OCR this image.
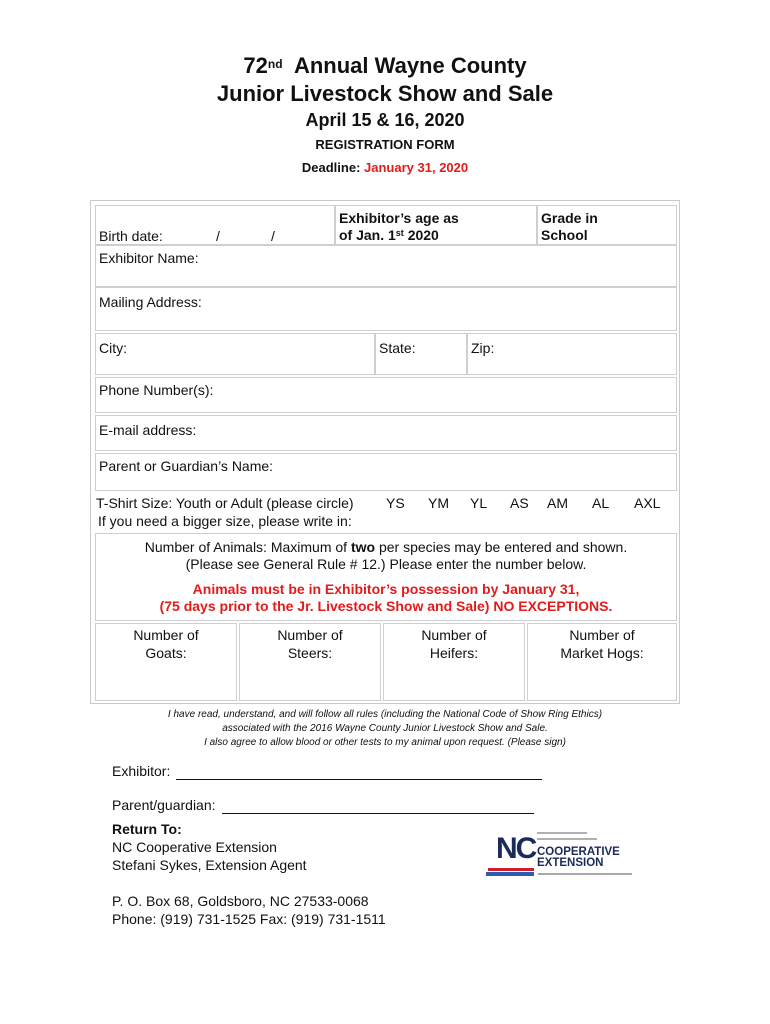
72nd Annual Wayne County
Junior Livestock Show and Sale
April 15 & 16, 2020
REGISTRATION FORM
Deadline: January 31, 2020
Birth date:	/	/
Exhibitor’s age as
of Jan. 1st 2020
Grade in
School
Exhibitor Name:
Mailing Address:
City:	State:	Zip:
Phone Number(s):
E-mail address:
Parent or Guardian’s Name:
T-Shirt Size: Youth or Adult (please circle) YS YM YL AS AM AL AXL
If you need a bigger size, please write in:
Number of Animals: Maximum of two per species may be entered and shown.
(Please see General Rule # 12.) Please enter the number below.
Animals must be in Exhibitor’s possession by January 31,
(75 days prior to the Jr. Livestock Show and Sale) NO EXCEPTIONS.
Number of
Goats:
Number of
Steers:
Number of
Heifers:
Number of
Market Hogs:
I have read, understand, and will follow all rules (including the National Code of Show Ring Ethics)
associated with the 2016 Wayne County Junior Livestock Show and Sale.
I also agree to allow blood or other tests to my animal upon request. (Please sign)
Exhibitor:
Parent/guardian:
Return To:
NC Cooperative Extension
Stefani Sykes, Extension Agent
P. O. Box 68, Goldsboro, NC 27533-0068
Phone: (919) 731-1525 Fax: (919) 731-1511
NC COOPERATIVE
EXTENSION
